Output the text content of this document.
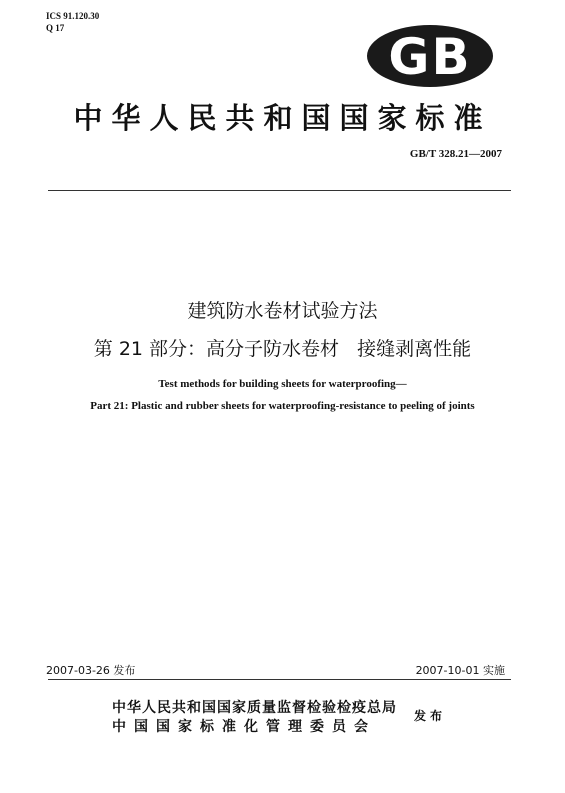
ICS 91.120.30
Q 17	GB
中华人民共和国国家标准
GB/T 328.21—2007
建筑防水卷材试验方法
第 21 部分：高分子防水卷材   接缝剥离性能
Test methods for building sheets for waterproofing—
Part 21: Plastic and rubber sheets for waterproofing-resistance to peeling of joints
2007-03-26 发布	2007-10-01 实施
中华人民共和国国家质量监督检验检疫总局
中国国家标准化管理委员会
发布
